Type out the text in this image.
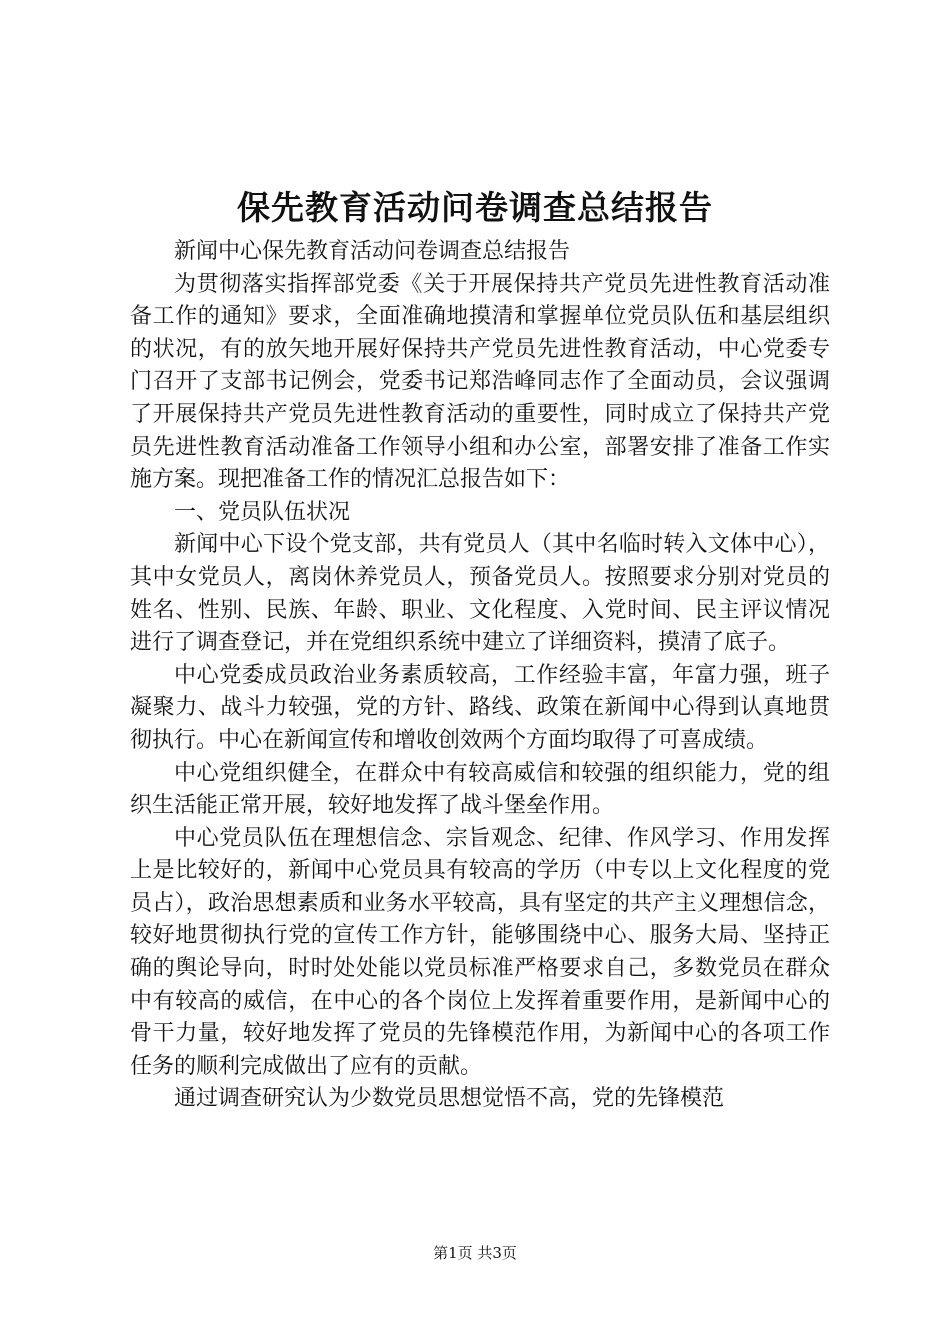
保先教育活动问卷调查总结报告

新闻中心保先教育活动问卷调查总结报告

为贯彻落实指挥部党委《关于开展保持共产党员先进性教育活动准备工作的通知》要求，全面准确地摸清和掌握单位党员队伍和基层组织的状况，有的放矢地开展好保持共产党员先进性教育活动，中心党委专门召开了支部书记例会，党委书记郑浩峰同志作了全面动员，会议强调了开展保持共产党员先进性教育活动的重要性，同时成立了保持共产党员先进性教育活动准备工作领导小组和办公室，部署安排了准备工作实施方案。现把准备工作的情况汇总报告如下：

一、党员队伍状况

新闻中心下设个党支部，共有党员人（其中名临时转入文体中心），其中女党员人，离岗休养党员人，预备党员人。按照要求分别对党员的姓名、性别、民族、年龄、职业、文化程度、入党时间、民主评议情况进行了调查登记，并在党组织系统中建立了详细资料，摸清了底子。

中心党委成员政治业务素质较高，工作经验丰富，年富力强，班子凝聚力、战斗力较强，党的方针、路线、政策在新闻中心得到认真地贯彻执行。中心在新闻宣传和增收创效两个方面均取得了可喜成绩。

中心党组织健全，在群众中有较高威信和较强的组织能力，党的组织生活能正常开展，较好地发挥了战斗堡垒作用。

中心党员队伍在理想信念、宗旨观念、纪律、作风学习、作用发挥上是比较好的，新闻中心党员具有较高的学历（中专以上文化程度的党员占），政治思想素质和业务水平较高，具有坚定的共产主义理想信念，较好地贯彻执行党的宣传工作方针，能够围绕中心、服务大局、坚持正确的舆论导向，时时处处能以党员标准严格要求自己，多数党员在群众中有较高的威信，在中心的各个岗位上发挥着重要作用，是新闻中心的骨干力量，较好地发挥了党员的先锋模范作用，为新闻中心的各项工作任务的顺利完成做出了应有的贡献。

通过调查研究认为少数党员思想觉悟不高，党的先锋模范

第1页 共3页
